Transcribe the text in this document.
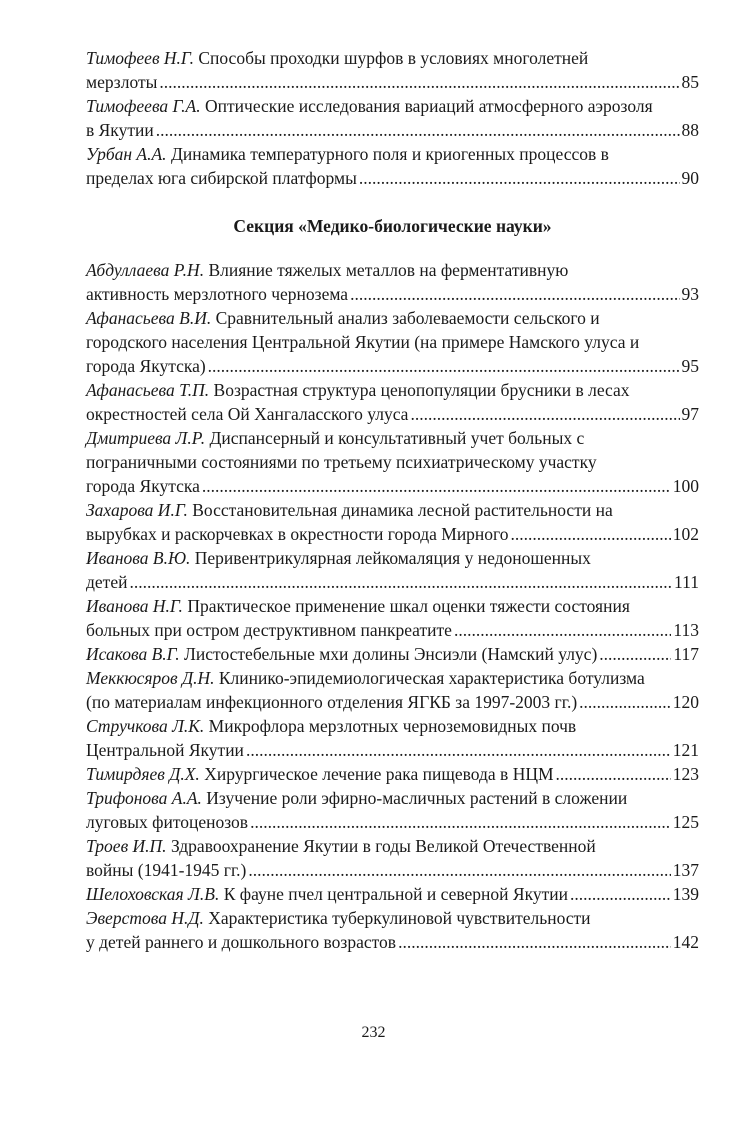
Тимофеев Н.Г. Способы проходки шурфов в условиях многолетней
мерзлоты .....	85
Тимофеева Г.А. Оптические исследования вариаций атмосферного аэрозоля
в Якутии .....	88
Урбан А.А. Динамика температурного поля и криогенных процессов в
пределах юга сибирской платформы .....	90
Секция «Медико-биологические науки»
Абдуллаева Р.Н. Влияние тяжелых металлов на ферментативную
активность мерзлотного чернозема .....	93
Афанасьева В.И. Сравнительный анализ заболеваемости сельского и
городского населения Центральной Якутии (на примере Намского улуса и
города Якутска) .....	95
Афанасьева Т.П. Возрастная структура ценопопуляции брусники в лесах
окрестностей села Ой Хангаласского улуса .....	97
Дмитриева Л.Р. Диспансерный и консультативный учет больных с
пограничными состояниями по третьему психиатрическому участку
города Якутска .....	100
Захарова И.Г. Восстановительная динамика лесной растительности на
вырубках и раскорчевках в окрестности города Мирного .....	102
Иванова В.Ю. Перивентрикулярная лейкомаляция у недоношенных
детей .....	111
Иванова Н.Г. Практическое применение шкал оценки тяжести состояния
больных при остром деструктивном панкреатите .....	113
Исакова В.Г. Листостебельные мхи долины Энсиэли (Намский улус) .....	117
Меккюсяров Д.Н. Клинико-эпидемиологическая характеристика ботулизма
(по материалам инфекционного отделения ЯГКБ за 1997-2003 гг.) .....	120
Стручкова Л.К. Микрофлора мерзлотных черноземовидных почв
Центральной Якутии .....	121
Тимирдяев Д.Х. Хирургическое лечение рака пищевода в НЦМ .....	123
Трифонова А.А. Изучение роли эфирно-масличных растений в сложении
луговых фитоценозов .....	125
Троев И.П. Здравоохранение Якутии в годы Великой Отечественной
войны (1941-1945 гг.) .....	137
Шелоховская Л.В. К фауне пчел центральной и северной Якутии .....	139
Эверстова Н.Д. Характеристика туберкулиновой чувствительности
у детей раннего и дошкольного возрастов .....	142
232
